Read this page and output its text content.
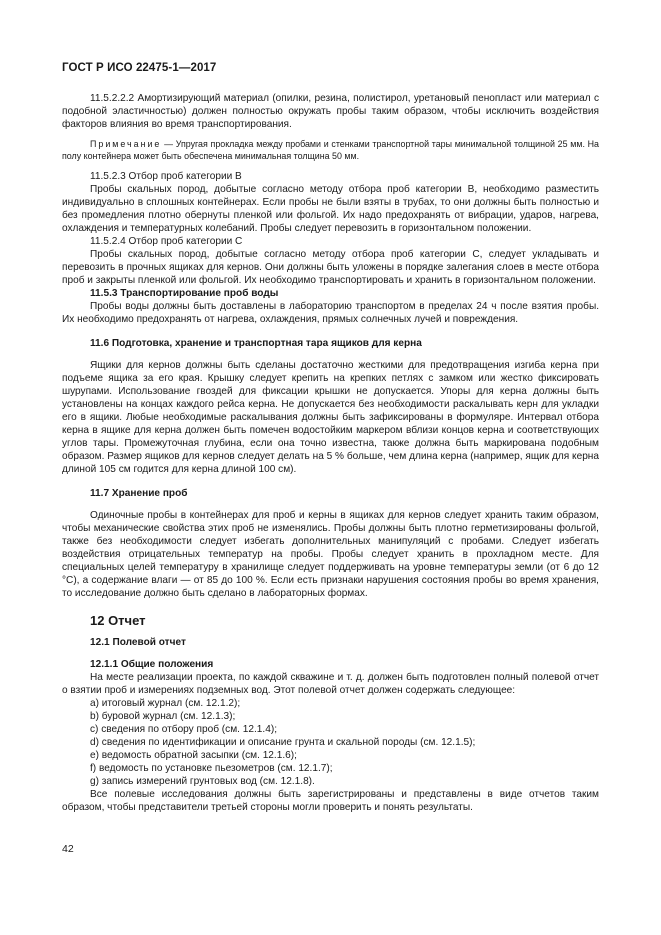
ГОСТ Р ИСО 22475-1—2017

11.5.2.2.2 Амортизирующий материал (опилки, резина, полистирол, уретановый пенопласт или материал с подобной эластичностью) должен полностью окружать пробы таким образом, чтобы исключить воздействия факторов влияния во время транспортирования.

Примечание — Упругая прокладка между пробами и стенками транспортной тары минимальной толщиной 25 мм. На полу контейнера может быть обеспечена минимальная толщина 50 мм.

11.5.2.3 Отбор проб категории В

Пробы скальных пород, добытые согласно методу отбора проб категории В, необходимо разместить индивидуально в сплошных контейнерах. Если пробы не были взяты в трубах, то они должны быть полностью и без промедления плотно обернуты пленкой или фольгой. Их надо предохранять от вибрации, ударов, нагрева, охлаждения и температурных колебаний. Пробы следует перевозить в горизонтальном положении.

11.5.2.4 Отбор проб категории С

Пробы скальных пород, добытые согласно методу отбора проб категории С, следует укладывать и перевозить в прочных ящиках для кернов. Они должны быть уложены в порядке залегания слоев в месте отбора проб и закрыты пленкой или фольгой. Их необходимо транспортировать и хранить в горизонтальном положении.

11.5.3 Транспортирование проб воды

Пробы воды должны быть доставлены в лабораторию транспортом в пределах 24 ч после взятия пробы. Их необходимо предохранять от нагрева, охлаждения, прямых солнечных лучей и повреждения.

11.6 Подготовка, хранение и транспортная тара ящиков для керна

Ящики для кернов должны быть сделаны достаточно жесткими для предотвращения изгиба керна при подъеме ящика за его края. Крышку следует крепить на крепких петлях с замком или жестко фиксировать шурупами. Использование гвоздей для фиксации крышки не допускается. Упоры для керна должны быть установлены на концах каждого рейса керна. Не допускается без необходимости раскалывать керн для укладки его в ящики. Любые необходимые раскалывания должны быть зафиксированы в формуляре. Интервал отбора керна в ящике для керна должен быть помечен водостойким маркером вблизи концов керна и соответствующих углов тары. Промежуточная глубина, если она точно известна, также должна быть маркирована подобным образом. Размер ящиков для кернов следует делать на 5 % больше, чем длина керна (например, ящик для керна длиной 105 см годится для керна длиной 100 см).

11.7 Хранение проб

Одиночные пробы в контейнерах для проб и керны в ящиках для кернов следует хранить таким образом, чтобы механические свойства этих проб не изменялись. Пробы должны быть плотно герметизированы фольгой, также без необходимости следует избегать дополнительных манипуляций с пробами. Следует избегать воздействия отрицательных температур на пробы. Пробы следует хранить в прохладном месте. Для специальных целей температуру в хранилище следует поддерживать на уровне температуры земли (от 6 до 12 °С), а содержание влаги — от 85 до 100 %. Если есть признаки нарушения состояния пробы во время хранения, то исследование должно быть сделано в лабораторных формах.

12 Отчет
12.1 Полевой отчет

12.1.1 Общие положения

На месте реализации проекта, по каждой скважине и т. д. должен быть подготовлен полный полевой отчет о взятии проб и измерениях подземных вод. Этот полевой отчет должен содержать следующее:

a) итоговый журнал (см. 12.1.2);

b) буровой журнал (см. 12.1.3);

c) сведения по отбору проб (см. 12.1.4);

d) сведения по идентификации и описание грунта и скальной породы (см. 12.1.5);

e) ведомость обратной засыпки (см. 12.1.6);

f) ведомость по установке пьезометров (см. 12.1.7);

g) запись измерений грунтовых вод (см. 12.1.8).

Все полевые исследования должны быть зарегистрированы и представлены в виде отчетов таким образом, чтобы представители третьей стороны могли проверить и понять результаты.

42
